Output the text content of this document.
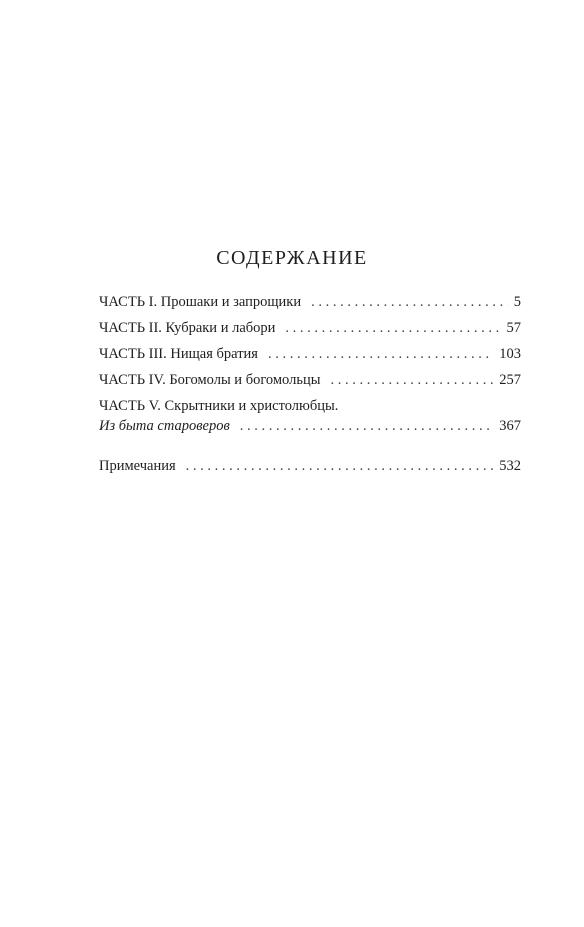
СОДЕРЖАНИЕ
ЧАСТЬ I. Прошаки и запрощики . . .	5
ЧАСТЬ II. Кубраки и лабори . . .	57
ЧАСТЬ III. Нищая братия . . .	103
ЧАСТЬ IV. Богомолы и богомольцы . . .	257
ЧАСТЬ V. Скрытники и христолюбцы.
Из быта староверов . . .	367
Примечания . . .	532
